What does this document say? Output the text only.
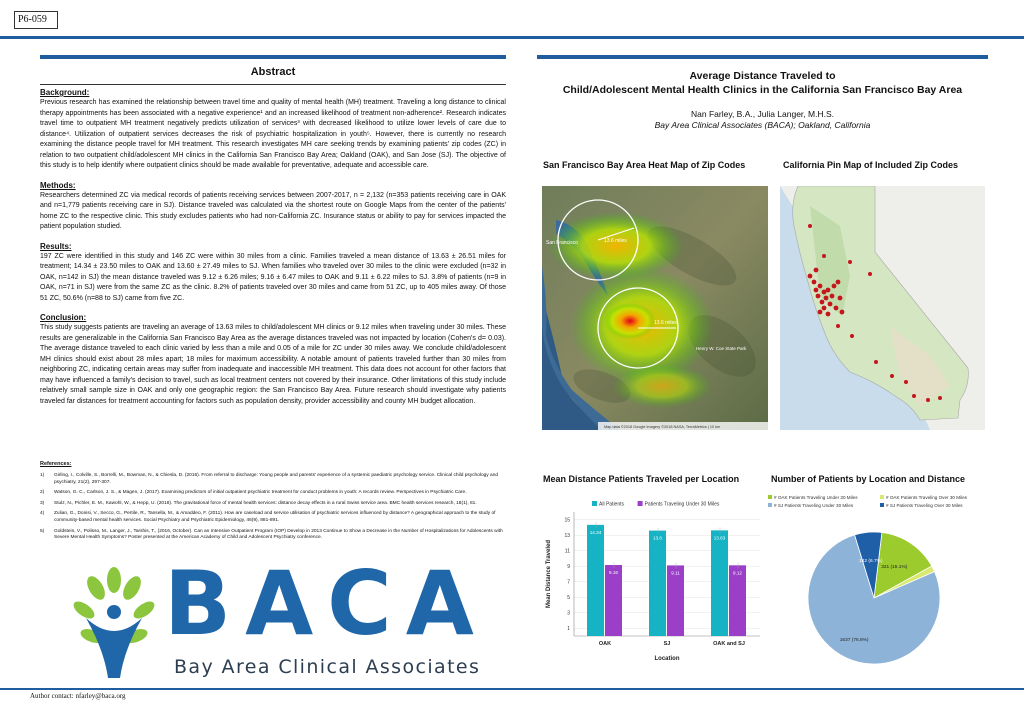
P6-059
Abstract
Background:
Previous research has examined the relationship between travel time and quality of mental health (MH) treatment. Traveling a long distance to clinical therapy appointments has been associated with a negative experience¹ and an increased likelihood of treatment non-adherence². Research indicates travel time to outpatient MH treatment negatively predicts utilization of services³ with decreased likelihood to utilize lower levels of care due to distance⁴. Utilization of outpatient services decreases the risk of psychiatric hospitalization in youth⁵. However, there is currently no research examining the distance people travel for MH treatment. This research investigates MH care seeking trends by examining patients' zip codes (ZC) in relation to two outpatient child/adolescent MH clinics in the California San Francisco Bay Area; Oakland (OAK), and San Jose (SJ). The objective of this study is to help identify where outpatient clinics should be made available for preventative, adequate and accessible care.
Methods:
Researchers determined ZC via medical records of patients receiving services between 2007-2017, n = 2,132 (n=353 patients receiving care in OAK and n=1,779 patients receiving care in SJ). Distance traveled was calculated via the shortest route on Google Maps from the center of the patients' home ZC to the respective clinic. This study excludes patients who had non-California ZC. Insurance status or ability to pay for services impacted the patient population studied.
Results:
197 ZC were identified in this study and 146 ZC were within 30 miles from a clinic. Families traveled a mean distance of 13.63 ± 26.51 miles for treatment; 14.34 ± 23.50 miles to OAK and 13.60 ± 27.49 miles to SJ. When families who traveled over 30 miles to the clinic were excluded (n=32 in OAK, n=142 in SJ) the mean distance traveled was 9.12 ± 6.26 miles; 9.16 ± 6.47 miles to OAK and 9.11 ± 6.22 miles to SJ. 3.8% of patients (n=9 in OAK, n=71 in SJ) were from the same ZC as the clinic. 8.2% of patients traveled over 30 miles and came from 51 ZC, up to 405 miles away. Of those 51 ZC, 50.6% (n=88 to SJ) came from five ZC.
Conclusion:
This study suggests patients are traveling an average of 13.63 miles to child/adolescent MH clinics or 9.12 miles when traveling under 30 miles. These results are generalizable in the California San Francisco Bay Area as the average distances traveled was not impacted by location (Cohen's d= 0.03). The average distance traveled to each clinic varied by less than a mile and 0.05 of a mile for ZC under 30 miles away. We conclude child/adolescent MH clinics should exist about 28 miles apart; 18 miles for maximum accessibility. A notable amount of patients traveled further than 30 miles from neighboring ZC, indicating certain areas may suffer from inadequate and inaccessible MH treatment. This data does not account for other factors that may have influenced a family's decision to travel, such as local treatment centers not covered by their insurance. Other limitations of this study include relatively small sample size in OAK and only one geographic region: the San Francisco Bay Area. Future research should investigate why patients traveled far distances for treatment accounting for factors such as population density, provider accessibility and county MH budget allocation.
References:
1)	Girling, I., Colville, S., Borrelli, M., Bowman, N., & Chiesla, D. (2016). From referral to discharge: Young people and parents' experience of a systemic paediatric psychology service. Clinical child psychology and psychiatry, 21(2), 297-307.
2)	Watson, G. C., Carlson, J. S., & Magen, J. (2017). Examining predictors of initial outpatient psychiatric treatment for conduct problems in youth: A records review. Perspectives in Psychiatric Care.
3)	Stulz, N., Pichler, E. M., Kawohl, W., & Hepp, U. (2018). The gravitational force of mental health services: distance decay effects in a rural Swiss service area. BMC health services research, 18(1), 81.
4)	Zulian, G., Donisi, V., Secco, G., Pertile, R., Tansella, M., & Amaddeo, F. (2011). How are caseload and service utilisation of psychiatric services influenced by distance? A geographical approach to the study of community-based mental health services. Social Psychiatry and Psychiatric Epidemiology, 46(9), 881-891.
5)	Goldstein, V., Polisso, M., Langer, J., Tarshis, T., (2016, October). Can an Intensive Outpatient Program (IOP) Develop in 2013 Continue to Show a Decrease in the Number of Hospitalizations for Adolescents with Severe Mental Health Symptoms? Poster presented at the American Academy of Child and Adolescent Psychiatry conference.
BACA
Bay Area Clinical Associates
Average Distance Traveled to
Child/Adolescent Mental Health Clinics in the California San Francisco Bay Area
Nan Farley, B.A., Julia Langer, M.H.S.
Bay Area Clinical Associates (BACA); Oakland, California
San Francisco Bay Area Heat Map of Zip Codes	California Pin Map of Included Zip Codes
13.6 miles
13.6 miles
San Francisco
Henry W. Coe State Park
Map data ©2018 Google Imagery ©2018 NASA, TerraMetrics | 10 km
Mean Distance Patients Traveled per Location	Number of Patients by Location and Distance
All Patients	Patients Traveling Under 30 Miles
1
3
5
7
9
11
13
15
14.34
9.16
OAK
13.6
9.11
SJ
13.63
9.12
OAK and SJ
Location
Mean Distance Traveled
# OAK Patients Traveling Under 30 Miles	# OAK Patients Traveling Over 30 Miles
# SJ Patients Traveling Under 30 Miles	# SJ Patients Traveling Over 30 Miles
321 (15.1%)
1637 (76.8%)
142 (6.7%)
Author contact: nfarley@baca.org
